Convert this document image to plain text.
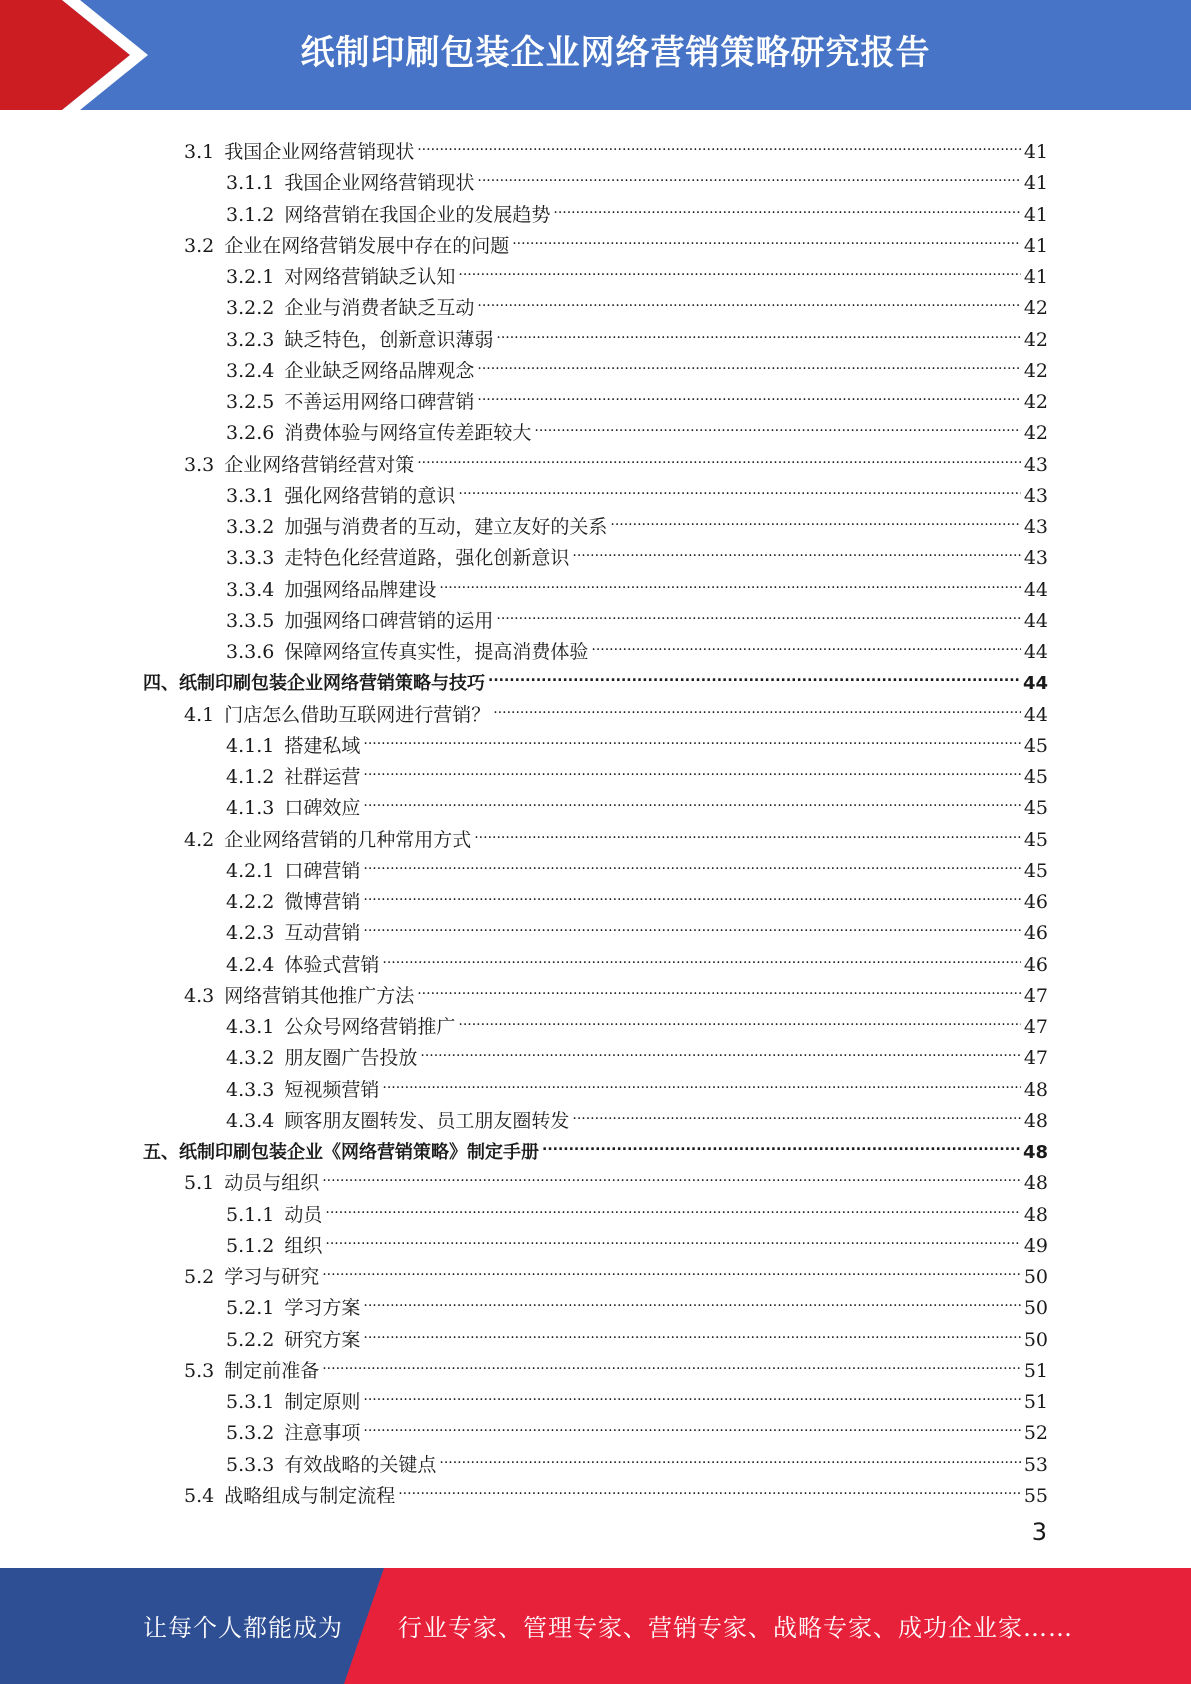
纸制印刷包装企业网络营销策略研究报告
3.1 我国企业网络营销现状 .....	41
3.1.1 我国企业网络营销现状 .....	41
3.1.2 网络营销在我国企业的发展趋势 .....	41
3.2 企业在网络营销发展中存在的问题 .....	41
3.2.1 对网络营销缺乏认知 .....	41
3.2.2 企业与消费者缺乏互动 .....	42
3.2.3 缺乏特色，创新意识薄弱 .....	42
3.2.4 企业缺乏网络品牌观念 .....	42
3.2.5 不善运用网络口碑营销 .....	42
3.2.6 消费体验与网络宣传差距较大 .....	42
3.3 企业网络营销经营对策 .....	43
3.3.1 强化网络营销的意识 .....	43
3.3.2 加强与消费者的互动，建立友好的关系 .....	43
3.3.3 走特色化经营道路，强化创新意识 .....	43
3.3.4 加强网络品牌建设 .....	44
3.3.5 加强网络口碑营销的运用 .....	44
3.3.6 保障网络宣传真实性，提高消费体验 .....	44
四、纸制印刷包装企业网络营销策略与技巧 .....	44
4.1 门店怎么借助互联网进行营销？ .....	44
4.1.1 搭建私域 .....	45
4.1.2 社群运营 .....	45
4.1.3 口碑效应 .....	45
4.2 企业网络营销的几种常用方式 .....	45
4.2.1 口碑营销 .....	45
4.2.2 微博营销 .....	46
4.2.3 互动营销 .....	46
4.2.4 体验式营销 .....	46
4.3 网络营销其他推广方法 .....	47
4.3.1 公众号网络营销推广 .....	47
4.3.2 朋友圈广告投放 .....	47
4.3.3 短视频营销 .....	48
4.3.4 顾客朋友圈转发、员工朋友圈转发 .....	48
五、纸制印刷包装企业《网络营销策略》制定手册 .....	48
5.1 动员与组织 .....	48
5.1.1 动员 .....	48
5.1.2 组织 .....	49
5.2 学习与研究 .....	50
5.2.1 学习方案 .....	50
5.2.2 研究方案 .....	50
5.3 制定前准备 .....	51
5.3.1 制定原则 .....	51
5.3.2 注意事项 .....	52
5.3.3 有效战略的关键点 .....	53
5.4 战略组成与制定流程 .....	55
3
让每个人都能成为 行业专家、管理专家、营销专家、战略专家、成功企业家……
